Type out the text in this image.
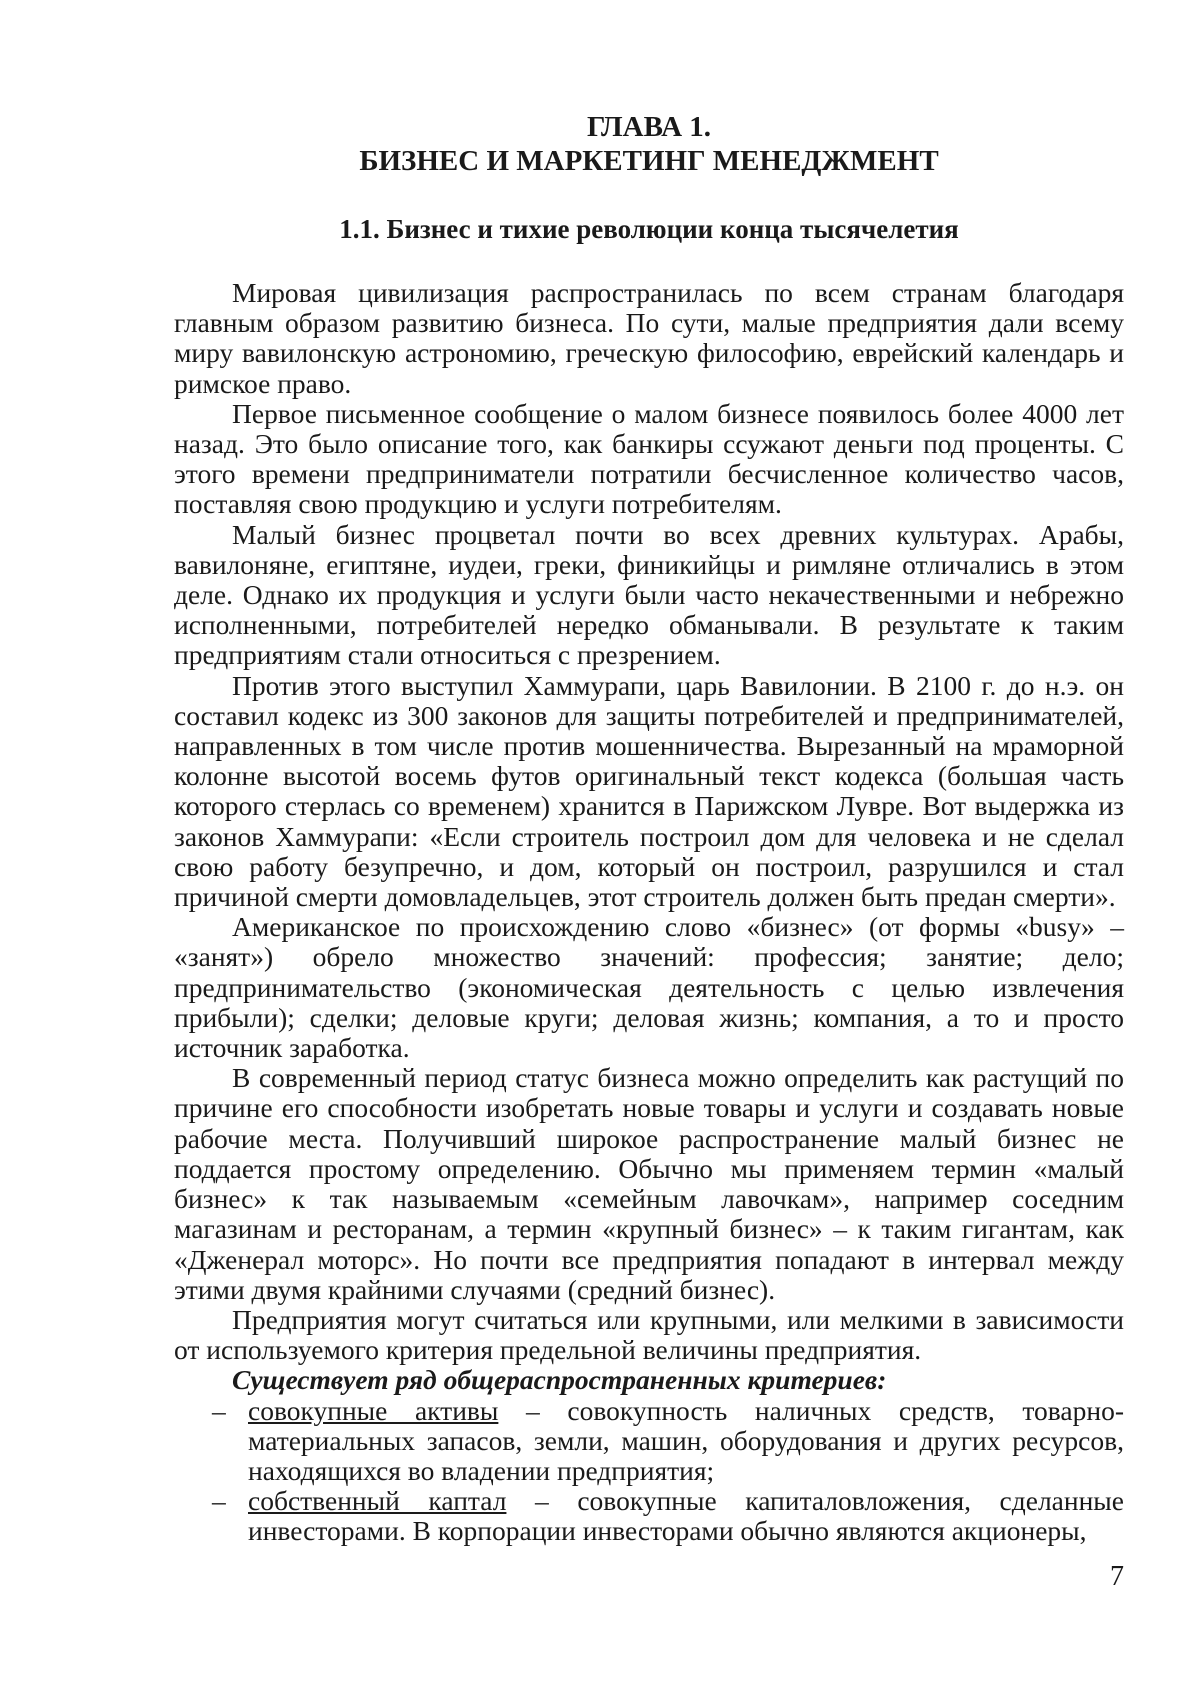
ГЛАВА 1.
БИЗНЕС И МАРКЕТИНГ МЕНЕДЖМЕНТ
1.1. Бизнес и тихие революции конца тысячелетия

Мировая цивилизация распространилась по всем странам благодаря главным образом развитию бизнеса. По сути, малые предприятия дали всему миру вавилонскую астрономию, греческую философию, еврейский календарь и римское право.

Первое письменное сообщение о малом бизнесе появилось более 4000 лет назад. Это было описание того, как банкиры ссужают деньги под проценты. С этого времени предприниматели потратили бесчисленное количество часов, поставляя свою продукцию и услуги потребителям.

Малый бизнес процветал почти во всех древних культурах. Арабы, вавилоняне, египтяне, иудеи, греки, финикийцы и римляне отличались в этом деле. Однако их продукция и услуги были часто некачественными и небрежно исполненными, потребителей нередко обманывали. В результате к таким предприятиям стали относиться с презрением.

Против этого выступил Хаммурапи, царь Вавилонии. В 2100 г. до н.э. он составил кодекс из 300 законов для защиты потребителей и предпринимателей, направленных в том числе против мошенничества. Вырезанный на мраморной колонне высотой восемь футов оригинальный текст кодекса (большая часть которого стерлась со временем) хранится в Парижском Лувре. Вот выдержка из законов Хаммурапи: «Если строитель построил дом для человека и не сделал свою работу безупречно, и дом, который он построил, разрушился и стал причиной смерти домовладельцев, этот строитель должен быть предан смерти».

Американское по происхождению слово «бизнес» (от формы «busy» – «занят») обрело множество значений: профессия; занятие; дело; предпринимательство (экономическая деятельность с целью извлечения прибыли); сделки; деловые круги; деловая жизнь; компания, а то и просто источник заработка.

В современный период статус бизнеса можно определить как растущий по причине его способности изобретать новые товары и услуги и создавать новые рабочие места. Получивший широкое распространение малый бизнес не поддается простому определению. Обычно мы применяем термин «малый бизнес» к так называемым «семейным лавочкам», например соседним магазинам и ресторанам, а термин «крупный бизнес» – к таким гигантам, как «Дженерал моторс». Но почти все предприятия попадают в интервал между этими двумя крайними случаями (средний бизнес).

Предприятия могут считаться или крупными, или мелкими в зависимости от используемого критерия предельной величины предприятия.

Существует ряд общераспространенных критериев:

– совокупные активы – совокупность наличных средств, товарно-материальных запасов, земли, машин, оборудования и других ресурсов, находящихся во владении предприятия;
– собственный каптал – совокупные капиталовложения, сделанные инвесторами. В корпорации инвесторами обычно являются акционеры,
7
